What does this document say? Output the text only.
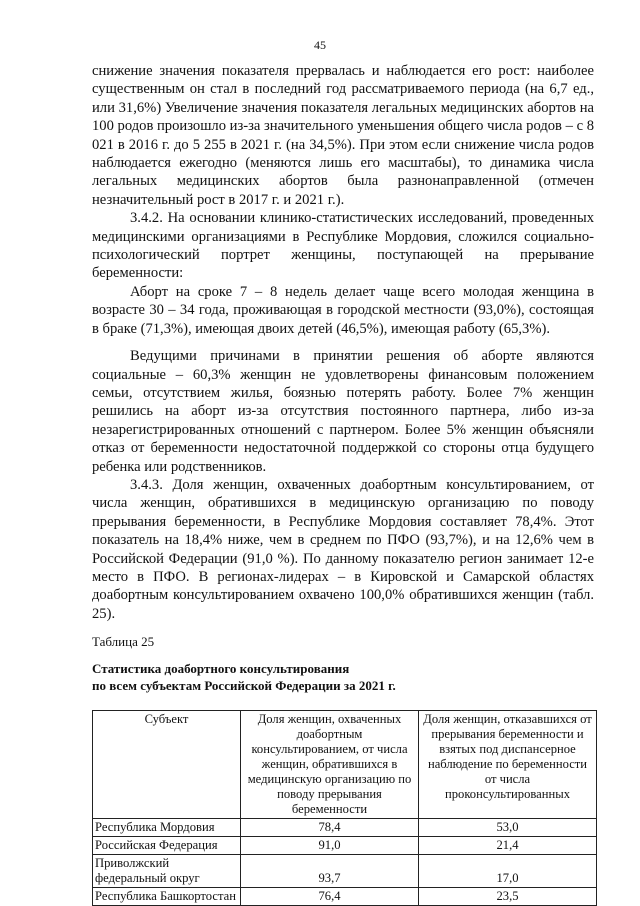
45

снижение значения показателя прервалась и наблюдается его рост: наиболее существенным он стал в последний год рассматриваемого периода (на 6,7 ед., или 31,6%) Увеличение значения показателя легальных медицинских абортов на 100 родов произошло из-за значительного уменьшения общего числа родов – с 8 021 в 2016 г. до 5 255 в 2021 г. (на 34,5%). При этом если снижение числа родов наблюдается ежегодно (меняются лишь его масштабы), то динамика числа легальных медицинских абортов была разнонаправленной (отмечен незначительный рост в 2017 г. и 2021 г.).

3.4.2. На основании клинико-статистических исследований, проведенных медицинскими организациями в Республике Мордовия, сложился социально-психологический портрет женщины, поступающей на прерывание беременности:

Аборт на сроке 7 – 8 недель делает чаще всего молодая женщина в возрасте 30 – 34 года, проживающая в городской местности (93,0%), состоящая в браке (71,3%), имеющая двоих детей (46,5%), имеющая работу (65,3%).

Ведущими причинами в принятии решения об аборте являются социальные – 60,3% женщин не удовлетворены финансовым положением семьи, отсутствием жилья, боязнью потерять работу. Более 7% женщин решились на аборт из-за отсутствия постоянного партнера, либо из-за незарегистрированных отношений с партнером. Более 5% женщин объясняли отказ от беременности недостаточной поддержкой со стороны отца будущего ребенка или родственников.

3.4.3. Доля женщин, охваченных доабортным консультированием, от числа женщин, обратившихся в медицинскую организацию по поводу прерывания беременности, в Республике Мордовия составляет 78,4%. Этот показатель на 18,4% ниже, чем в среднем по ПФО (93,7%), и на 12,6% чем в Российской Федерации (91,0 %). По данному показателю регион занимает 12-е место в ПФО. В регионах-лидерах – в Кировской и Самарской областях доабортным консультированием охвачено 100,0% обратившихся женщин (табл. 25).

Таблица 25

Статистика доабортного консультирования
по всем субъектам Российской Федерации за 2021 г.

Субъект	Доля женщин, охваченных доабортным консультированием, от числа женщин, обратившихся в медицинскую организацию по поводу прерывания беременности	Доля женщин, отказавшихся от прерывания беременности и взятых под диспансерное наблюдение по беременности от числа проконсультированных
Республика Мордовия	78,4	53,0
Российская Федерация	91,0	21,4
Приволжский федеральный округ	93,7	17,0
Республика Башкортостан	76,4	23,5
